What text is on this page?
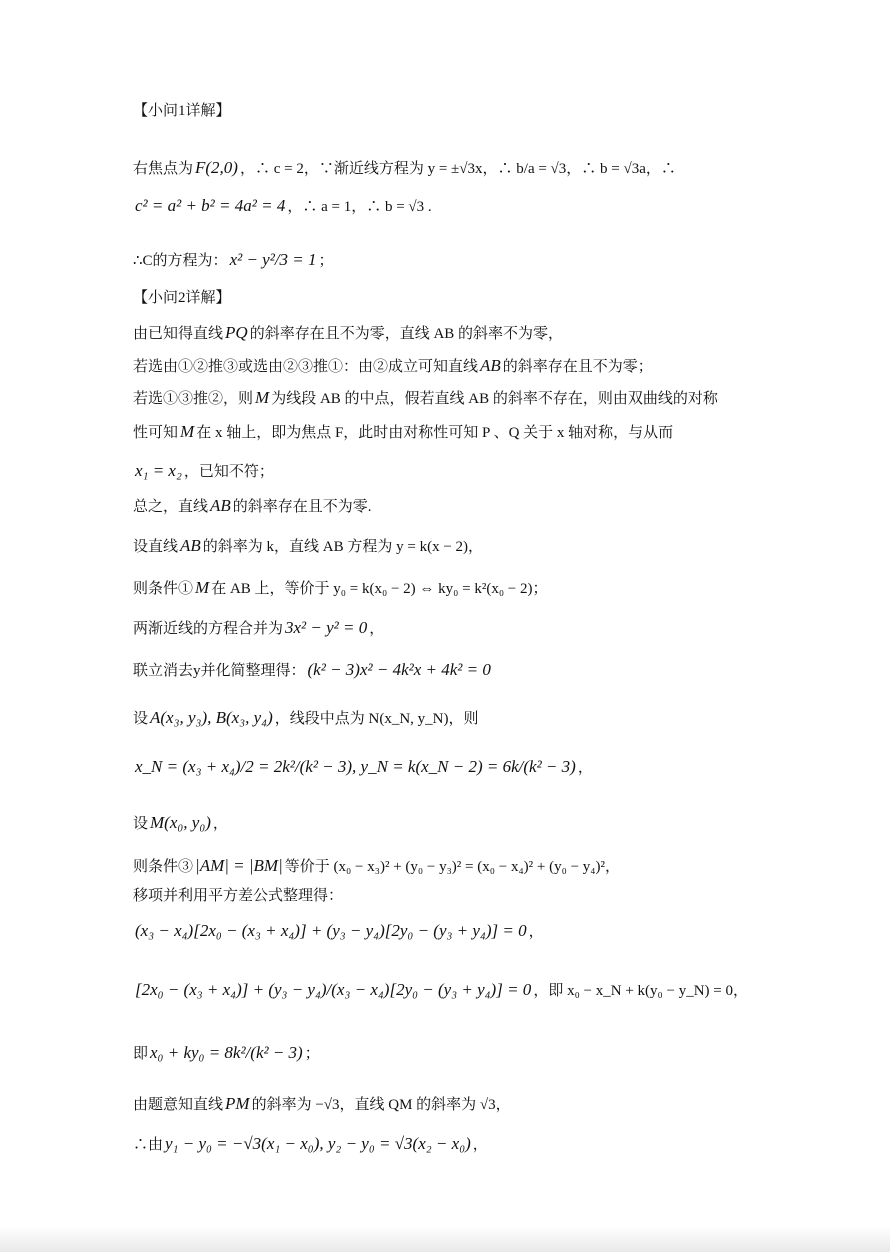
【小问1详解】
右焦点为 F(2,0) ，∴ c = 2，∵渐近线方程为 y = ±√3x，∴ b/a = √3，∴ b = √3a，∴
c² = a² + b² = 4a² = 4 ，∴ a = 1，∴ b = √3 .
∴C的方程为： x² − y²/3 = 1 ；
【小问2详解】
由已知得直线 PQ 的斜率存在且不为零，直线 AB 的斜率不为零，
若选由①②推③或选由②③推①：由②成立可知直线 AB 的斜率存在且不为零；
若选①③推②，则 M 为线段 AB 的中点，假若直线 AB 的斜率不存在，则由双曲线的对称
性可知 M 在 x 轴上，即为焦点 F，此时由对称性可知 P 、Q 关于 x 轴对称，与从而
x₁ = x₂ ，已知不符；
总之，直线 AB 的斜率存在且不为零.
设直线 AB 的斜率为 k，直线 AB 方程为 y = k(x − 2)，
则条件① M 在 AB 上，等价于 y₀ = k(x₀ − 2) ⇔ ky₀ = k²(x₀ − 2)；
两渐近线的方程合并为 3x² − y² = 0 ，
联立消去y并化简整理得： (k² − 3)x² − 4k²x + 4k² = 0
设 A(x₃, y₃), B(x₃, y₄) ，线段中点为 N(x_N, y_N)，则
x_N = (x₃ + x₄)/2 = 2k²/(k² − 3), y_N = k(x_N − 2) = 6k/(k² − 3) ，
设 M(x₀, y₀) ，
则条件③ |AM| = |BM| 等价于 (x₀ − x₃)² + (y₀ − y₃)² = (x₀ − x₄)² + (y₀ − y₄)²，
移项并利用平方差公式整理得：
(x₃ − x₄)[2x₀ − (x₃ + x₄)] + (y₃ − y₄)[2y₀ − (y₃ + y₄)] = 0 ，
[2x₀ − (x₃ + x₄)] + (y₃ − y₄)/(x₃ − x₄)[2y₀ − (y₃ + y₄)] = 0 ，即 x₀ − x_N + k(y₀ − y_N) = 0，
即 x₀ + ky₀ = 8k²/(k² − 3) ；
由题意知直线 PM 的斜率为 −√3，直线 QM 的斜率为 √3，
∴由 y₁ − y₀ = −√3(x₁ − x₀), y₂ − y₀ = √3(x₂ − x₀) ，
